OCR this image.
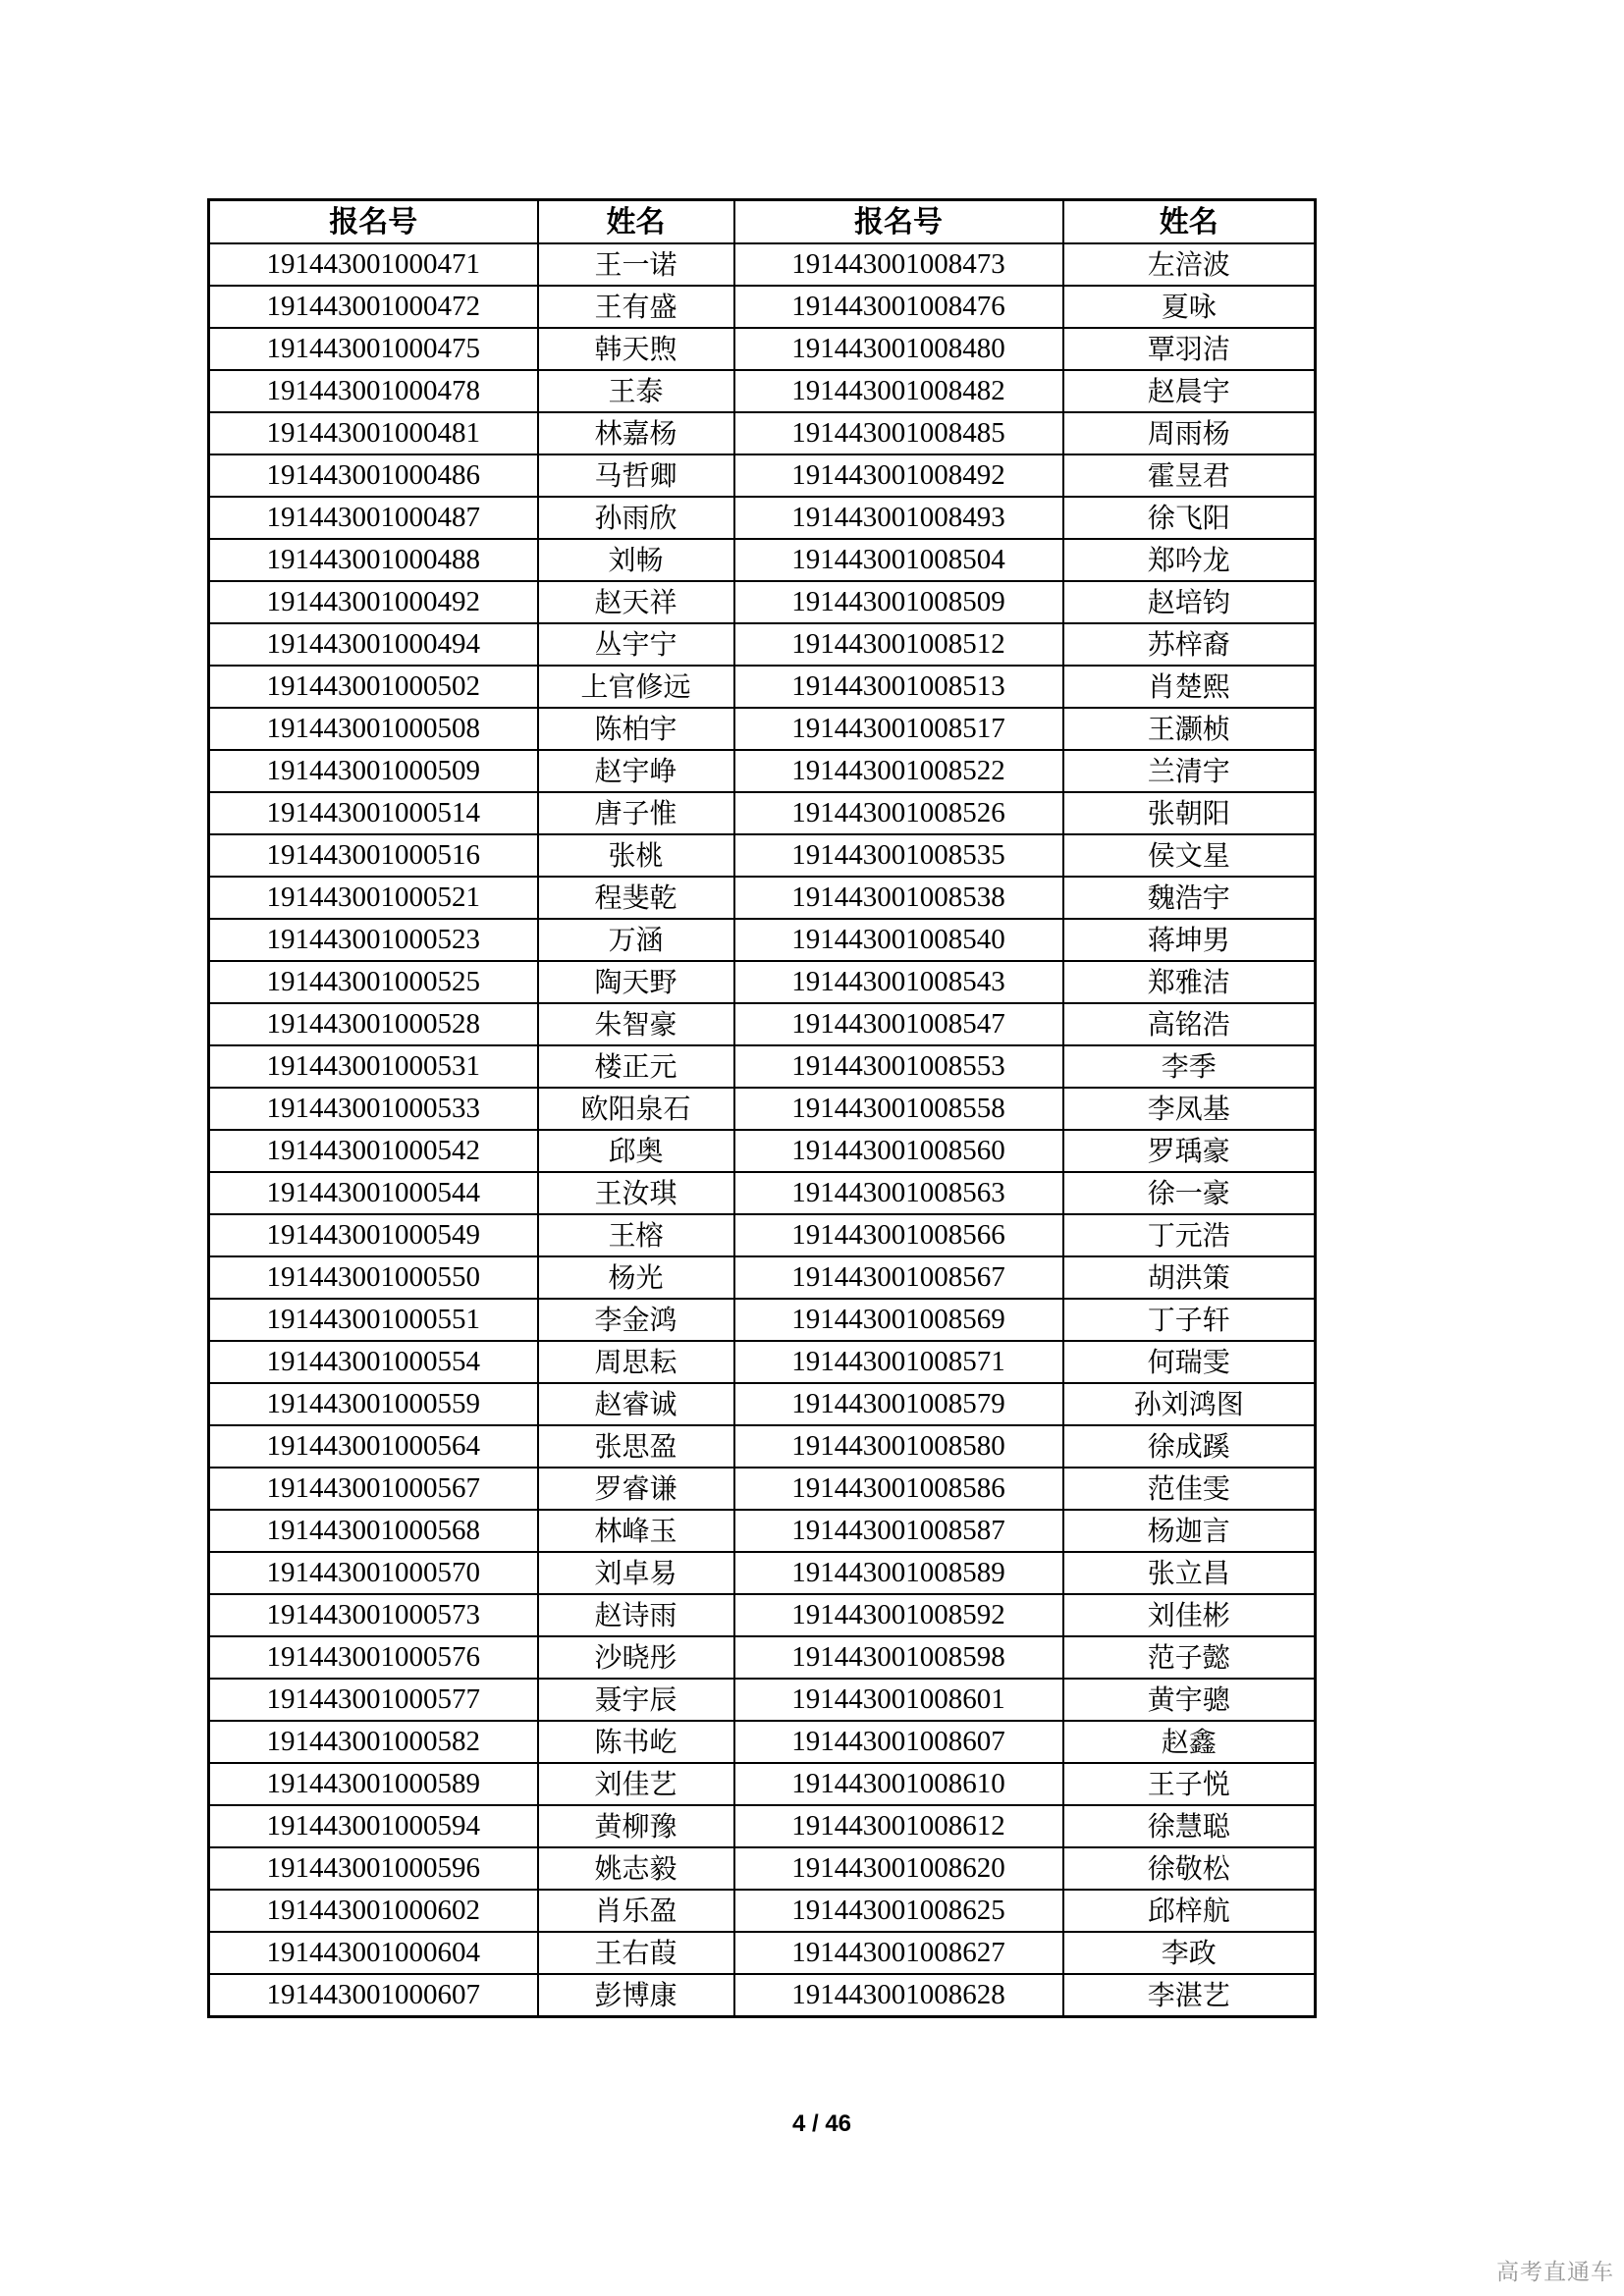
报名号	姓名	报名号	姓名
191443001000471	王一诺	191443001008473	左涪波
191443001000472	王有盛	191443001008476	夏咏
191443001000475	韩天煦	191443001008480	覃羽洁
191443001000478	王泰	191443001008482	赵晨宇
191443001000481	林嘉杨	191443001008485	周雨杨
191443001000486	马哲卿	191443001008492	霍昱君
191443001000487	孙雨欣	191443001008493	徐飞阳
191443001000488	刘畅	191443001008504	郑吟龙
191443001000492	赵天祥	191443001008509	赵培钧
191443001000494	丛宇宁	191443001008512	苏梓裔
191443001000502	上官修远	191443001008513	肖楚熙
191443001000508	陈柏宇	191443001008517	王灏桢
191443001000509	赵宇峥	191443001008522	兰清宇
191443001000514	唐子惟	191443001008526	张朝阳
191443001000516	张桃	191443001008535	侯文星
191443001000521	程斐乾	191443001008538	魏浩宇
191443001000523	万涵	191443001008540	蒋坤男
191443001000525	陶天野	191443001008543	郑雅洁
191443001000528	朱智豪	191443001008547	高铭浩
191443001000531	楼正元	191443001008553	李季
191443001000533	欧阳泉石	191443001008558	李凤基
191443001000542	邱奥	191443001008560	罗瑀豪
191443001000544	王汝琪	191443001008563	徐一豪
191443001000549	王榕	191443001008566	丁元浩
191443001000550	杨光	191443001008567	胡洪策
191443001000551	李金鸿	191443001008569	丁子轩
191443001000554	周思耘	191443001008571	何瑞雯
191443001000559	赵睿诚	191443001008579	孙刘鸿图
191443001000564	张思盈	191443001008580	徐成蹊
191443001000567	罗睿谦	191443001008586	范佳雯
191443001000568	林峰玉	191443001008587	杨迦言
191443001000570	刘卓易	191443001008589	张立昌
191443001000573	赵诗雨	191443001008592	刘佳彬
191443001000576	沙晓彤	191443001008598	范子懿
191443001000577	聂宇辰	191443001008601	黄宇骢
191443001000582	陈书屹	191443001008607	赵鑫
191443001000589	刘佳艺	191443001008610	王子悦
191443001000594	黄柳豫	191443001008612	徐慧聪
191443001000596	姚志毅	191443001008620	徐敬松
191443001000602	肖乐盈	191443001008625	邱梓航
191443001000604	王右葭	191443001008627	李政
191443001000607	彭博康	191443001008628	李湛艺
4 / 46
高考直通车
